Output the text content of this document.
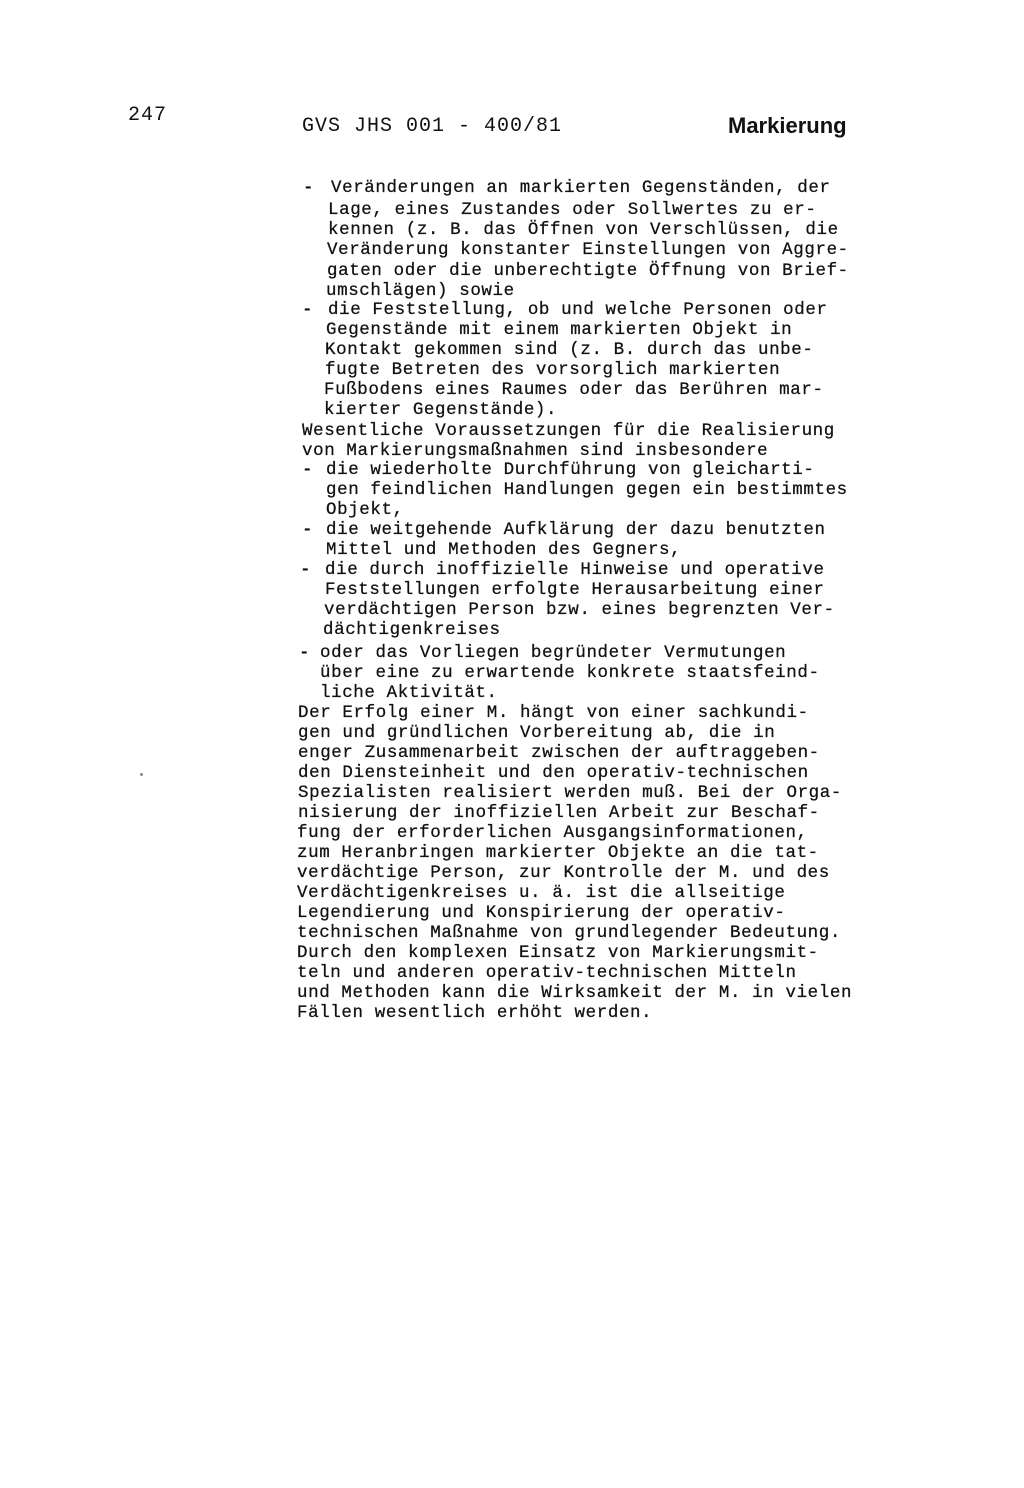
247	GVS JHS 001 - 400/81	Markierung
- Veränderungen an markierten Gegenständen, der
Lage, eines Zustandes oder Sollwertes zu er-
kennen (z. B. das Öffnen von Verschlüssen, die
Veränderung konstanter Einstellungen von Aggre-
gaten oder die unberechtigte Öffnung von Brief-
umschlägen) sowie
- die Feststellung, ob und welche Personen oder
Gegenstände mit einem markierten Objekt in
Kontakt gekommen sind (z. B. durch das unbe-
fugte Betreten des vorsorglich markierten
Fußbodens eines Raumes oder das Berühren mar-
kierter Gegenstände).
Wesentliche Voraussetzungen für die Realisierung
von Markierungsmaßnahmen sind insbesondere
- die wiederholte Durchführung von gleicharti-
gen feindlichen Handlungen gegen ein bestimmtes
Objekt,
- die weitgehende Aufklärung der dazu benutzten
Mittel und Methoden des Gegners,
- die durch inoffizielle Hinweise und operative
Feststellungen erfolgte Herausarbeitung einer
verdächtigen Person bzw. eines begrenzten Ver-
dächtigenkreises
- oder das Vorliegen begründeter Vermutungen
über eine zu erwartende konkrete staatsfeind-
liche Aktivität.
Der Erfolg einer M. hängt von einer sachkundi-
gen und gründlichen Vorbereitung ab, die in
enger Zusammenarbeit zwischen der auftraggeben-
den Diensteinheit und den operativ-technischen
Spezialisten realisiert werden muß. Bei der Orga-
nisierung der inoffiziellen Arbeit zur Beschaf-
fung der erforderlichen Ausgangsinformationen,
zum Heranbringen markierter Objekte an die tat-
verdächtige Person, zur Kontrolle der M. und des
Verdächtigenkreises u. ä. ist die allseitige
Legendierung und Konspirierung der operativ-
technischen Maßnahme von grundlegender Bedeutung.
Durch den komplexen Einsatz von Markierungsmit-
teln und anderen operativ-technischen Mitteln
und Methoden kann die Wirksamkeit der M. in vielen
Fällen wesentlich erhöht werden.
